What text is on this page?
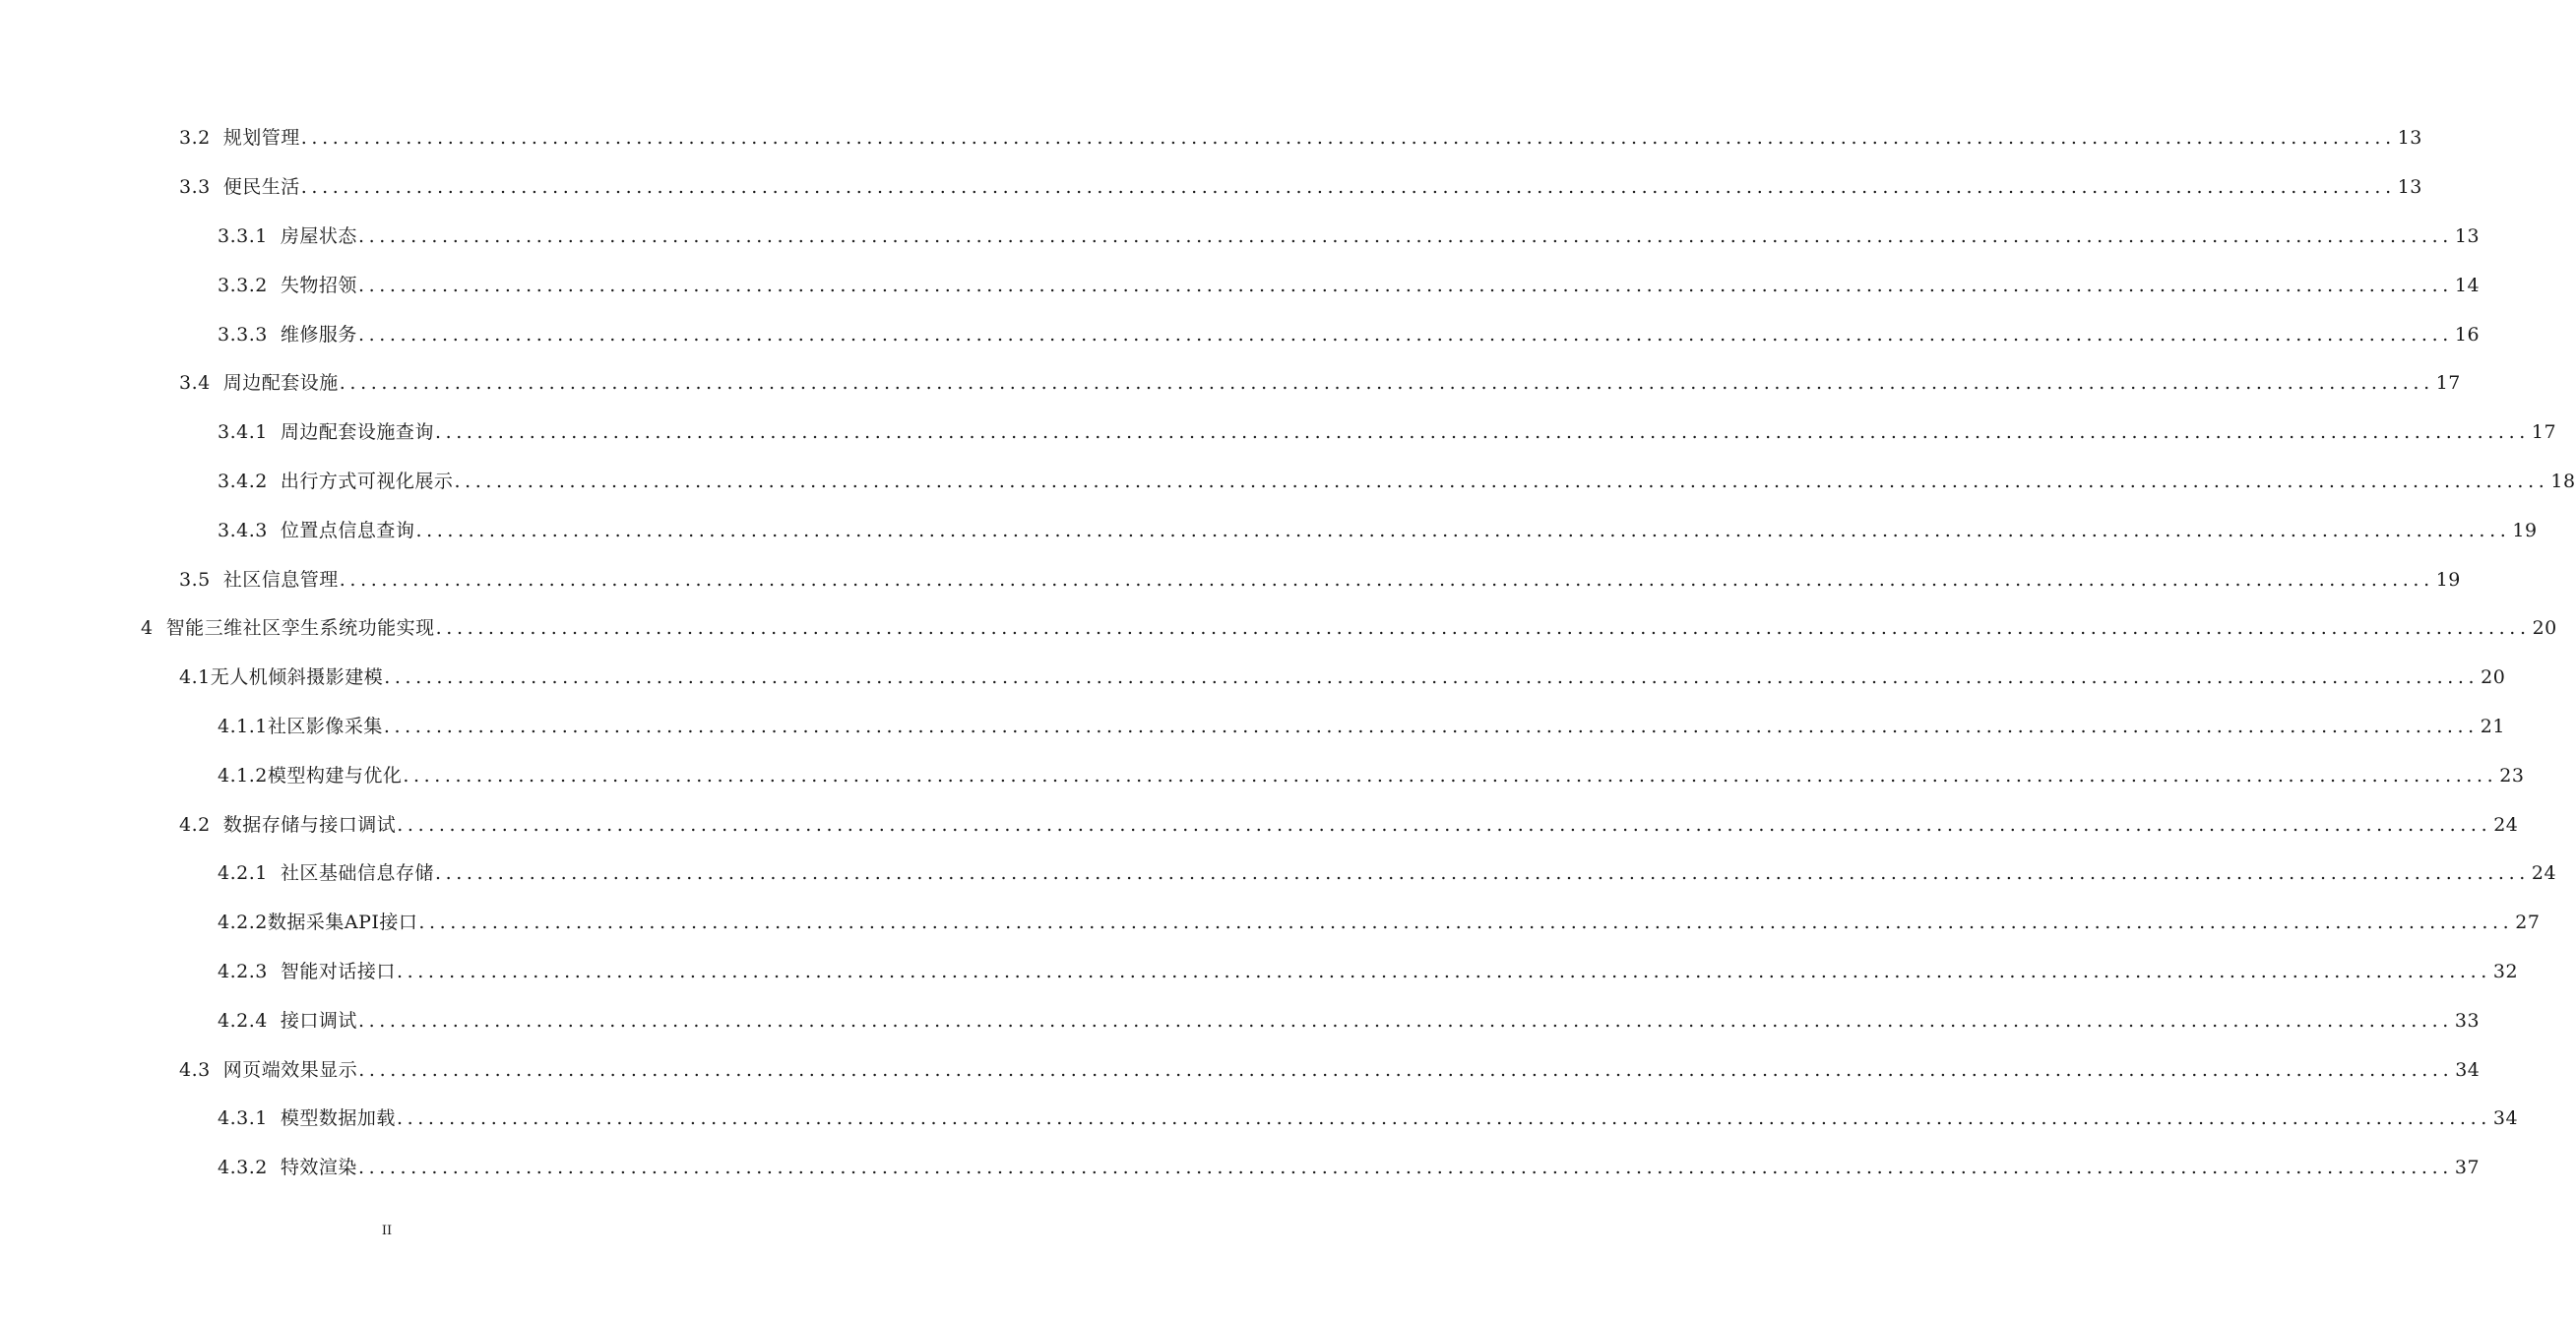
3.2  规划管理 ........................................................................................................................................................................................................ 13
3.3  便民生活 ........................................................................................................................................................................................................ 13
3.3.1  房屋状态 ........................................................................................................................................................................................................ 13
3.3.2  失物招领 ........................................................................................................................................................................................................ 14
3.3.3  维修服务 ........................................................................................................................................................................................................ 16
3.4  周边配套设施 ........................................................................................................................................................................................................ 17
3.4.1  周边配套设施查询 ........................................................................................................................................................................................................ 17
3.4.2  出行方式可视化展示 ........................................................................................................................................................................................................ 18
3.4.3  位置点信息查询 ........................................................................................................................................................................................................ 19
3.5  社区信息管理 ........................................................................................................................................................................................................ 19
4  智能三维社区孪生系统功能实现 ........................................................................................................................................................................................................ 20
4.1无人机倾斜摄影建模 ........................................................................................................................................................................................................ 20
4.1.1社区影像采集 ........................................................................................................................................................................................................ 21
4.1.2模型构建与优化 ........................................................................................................................................................................................................ 23
4.2  数据存储与接口调试 ........................................................................................................................................................................................................ 24
4.2.1  社区基础信息存储 ........................................................................................................................................................................................................ 24
4.2.2数据采集API接口 ........................................................................................................................................................................................................ 27
4.2.3  智能对话接口 ........................................................................................................................................................................................................ 32
4.2.4  接口调试 ........................................................................................................................................................................................................ 33
4.3  网页端效果显示 ........................................................................................................................................................................................................ 34
4.3.1  模型数据加载 ........................................................................................................................................................................................................ 34
4.3.2  特效渲染 ........................................................................................................................................................................................................ 37
II
